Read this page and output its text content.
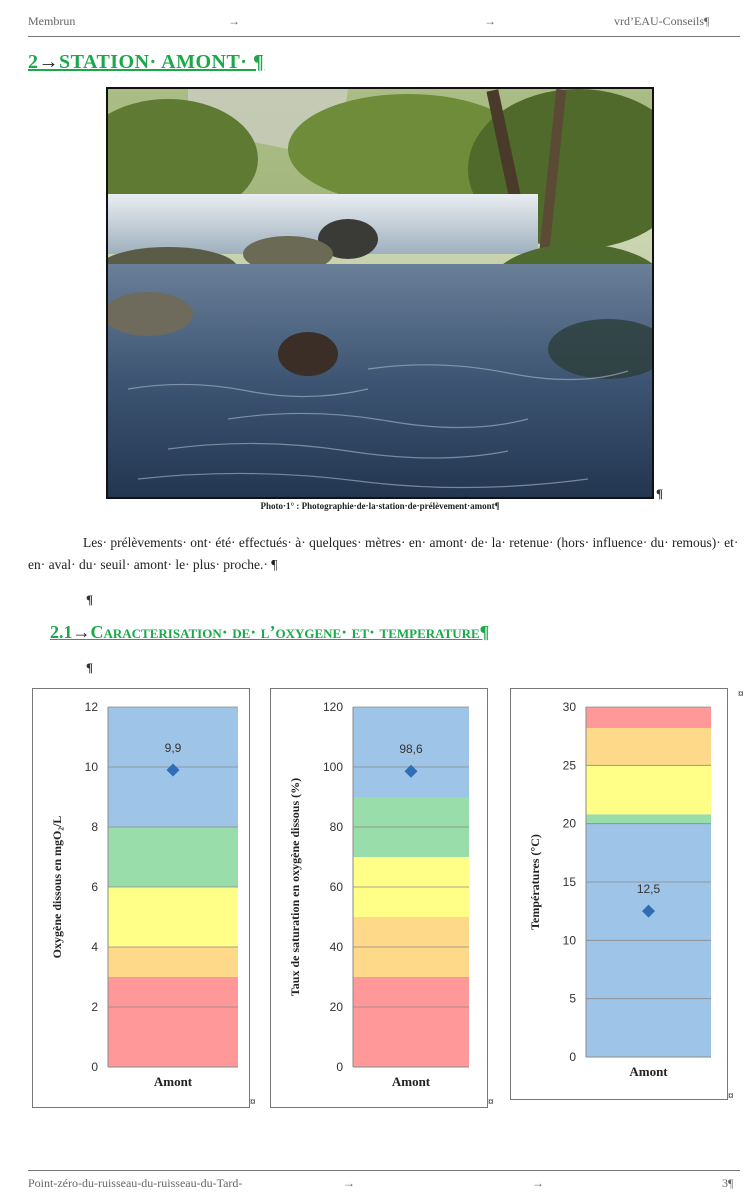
Membrun	→	→	vrd’EAU-Conseils¶
2→STATION· AMONT· ¶
¶
Photo·1° : Photographie·de·la·station·de·prélèvement·amont¶
Les· prélèvements· ont· été· effectués· à· quelques· mètres· en· amont· de· la· retenue· (hors· influence· du· remous)· et· en· aval· du· seuil· amont· le· plus· proche.· ¶
¶
2.1→Caracterisation· de· l’oxygene· et· temperature¶
¶
0
2
4
6
8
10
12
Amont
Oxygène dissous en mgO₂/L
9,9
¤
0
20
40
60
80
100
120
Amont
Taux de saturation en oxygène dissous (%)
98,6
¤
0
5
10
15
20
25
30
Amont
Températures (°C)	12,5
¤
¤
Point-zéro-du-ruisseau-du-ruisseau-du-Tard-	→	→	3¶
